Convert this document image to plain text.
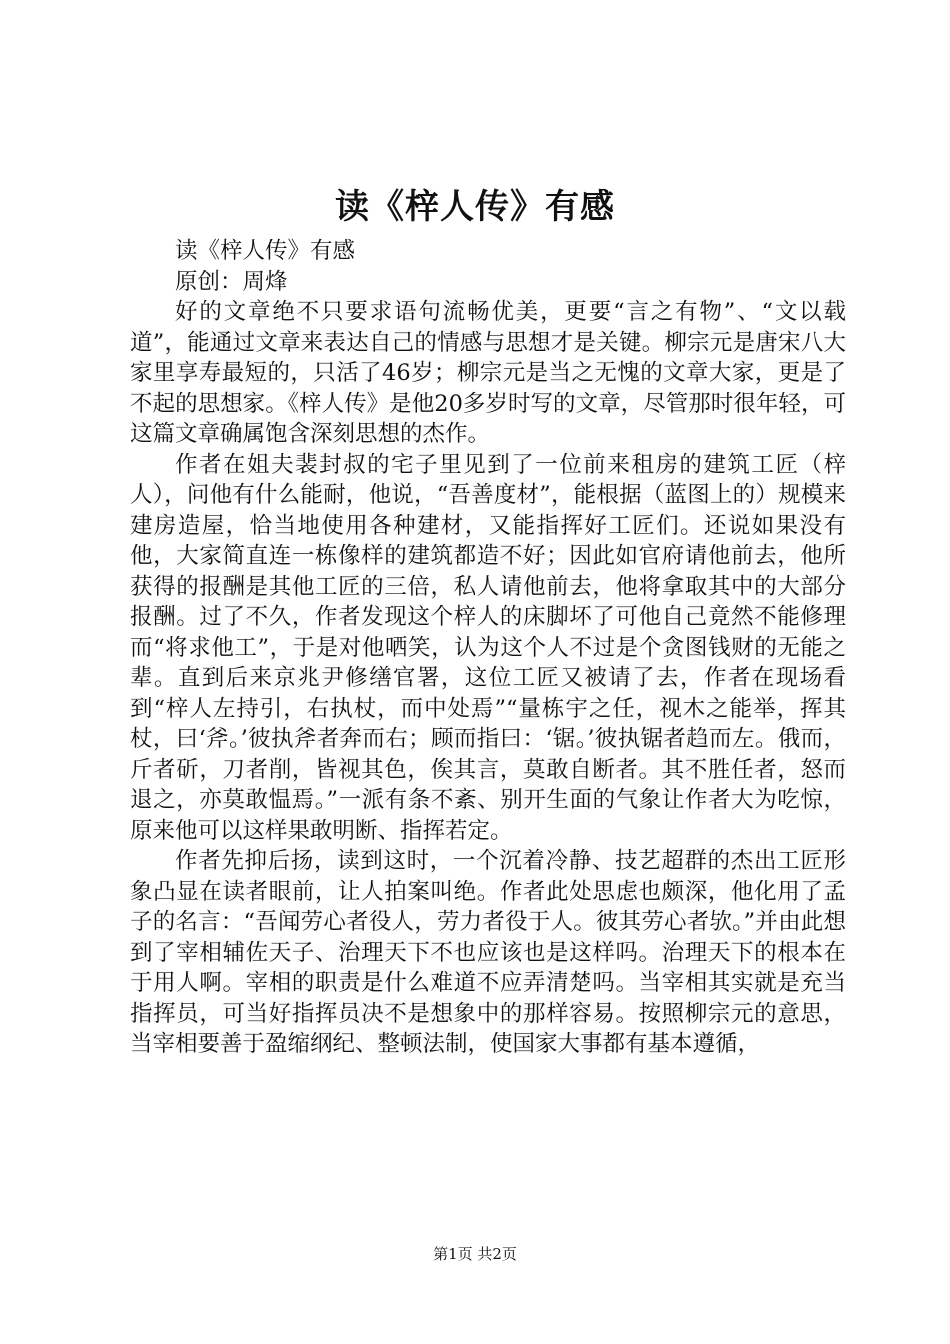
读《梓人传》有感

读《梓人传》有感

原创：周烽

好的文章绝不只要求语句流畅优美，更要“言之有物”、“文以载道”，能通过文章来表达自己的情感与思想才是关键。柳宗元是唐宋八大家里享寿最短的，只活了46岁；柳宗元是当之无愧的文章大家，更是了不起的思想家。《梓人传》是他20多岁时写的文章，尽管那时很年轻，可这篇文章确属饱含深刻思想的杰作。

作者在姐夫裴封叔的宅子里见到了一位前来租房的建筑工匠（梓人），问他有什么能耐，他说，“吾善度材”，能根据（蓝图上的）规模来建房造屋，恰当地使用各种建材，又能指挥好工匠们。还说如果没有他，大家简直连一栋像样的建筑都造不好；因此如官府请他前去，他所获得的报酬是其他工匠的三倍，私人请他前去，他将拿取其中的大部分报酬。过了不久，作者发现这个梓人的床脚坏了可他自己竟然不能修理而“将求他工”，于是对他哂笑，认为这个人不过是个贪图钱财的无能之辈。直到后来京兆尹修缮官署，这位工匠又被请了去，作者在现场看到“梓人左持引，右执杖，而中处焉”“量栋宇之任，视木之能举，挥其杖，曰‘斧。’彼执斧者奔而右；顾而指曰：‘锯。’彼执锯者趋而左。俄而，斤者斫，刀者削，皆视其色，俟其言，莫敢自断者。其不胜任者，怒而退之，亦莫敢愠焉。”一派有条不紊、别开生面的气象让作者大为吃惊，原来他可以这样果敢明断、指挥若定。

作者先抑后扬，读到这时，一个沉着冷静、技艺超群的杰出工匠形象凸显在读者眼前，让人拍案叫绝。作者此处思虑也颇深，他化用了孟子的名言：“吾闻劳心者役人，劳力者役于人。彼其劳心者欤。”并由此想到了宰相辅佐天子、治理天下不也应该也是这样吗。治理天下的根本在于用人啊。宰相的职责是什么难道不应弄清楚吗。当宰相其实就是充当指挥员，可当好指挥员决不是想象中的那样容易。按照柳宗元的意思，当宰相要善于盈缩纲纪、整顿法制，使国家大事都有基本遵循，

第1页 共2页
